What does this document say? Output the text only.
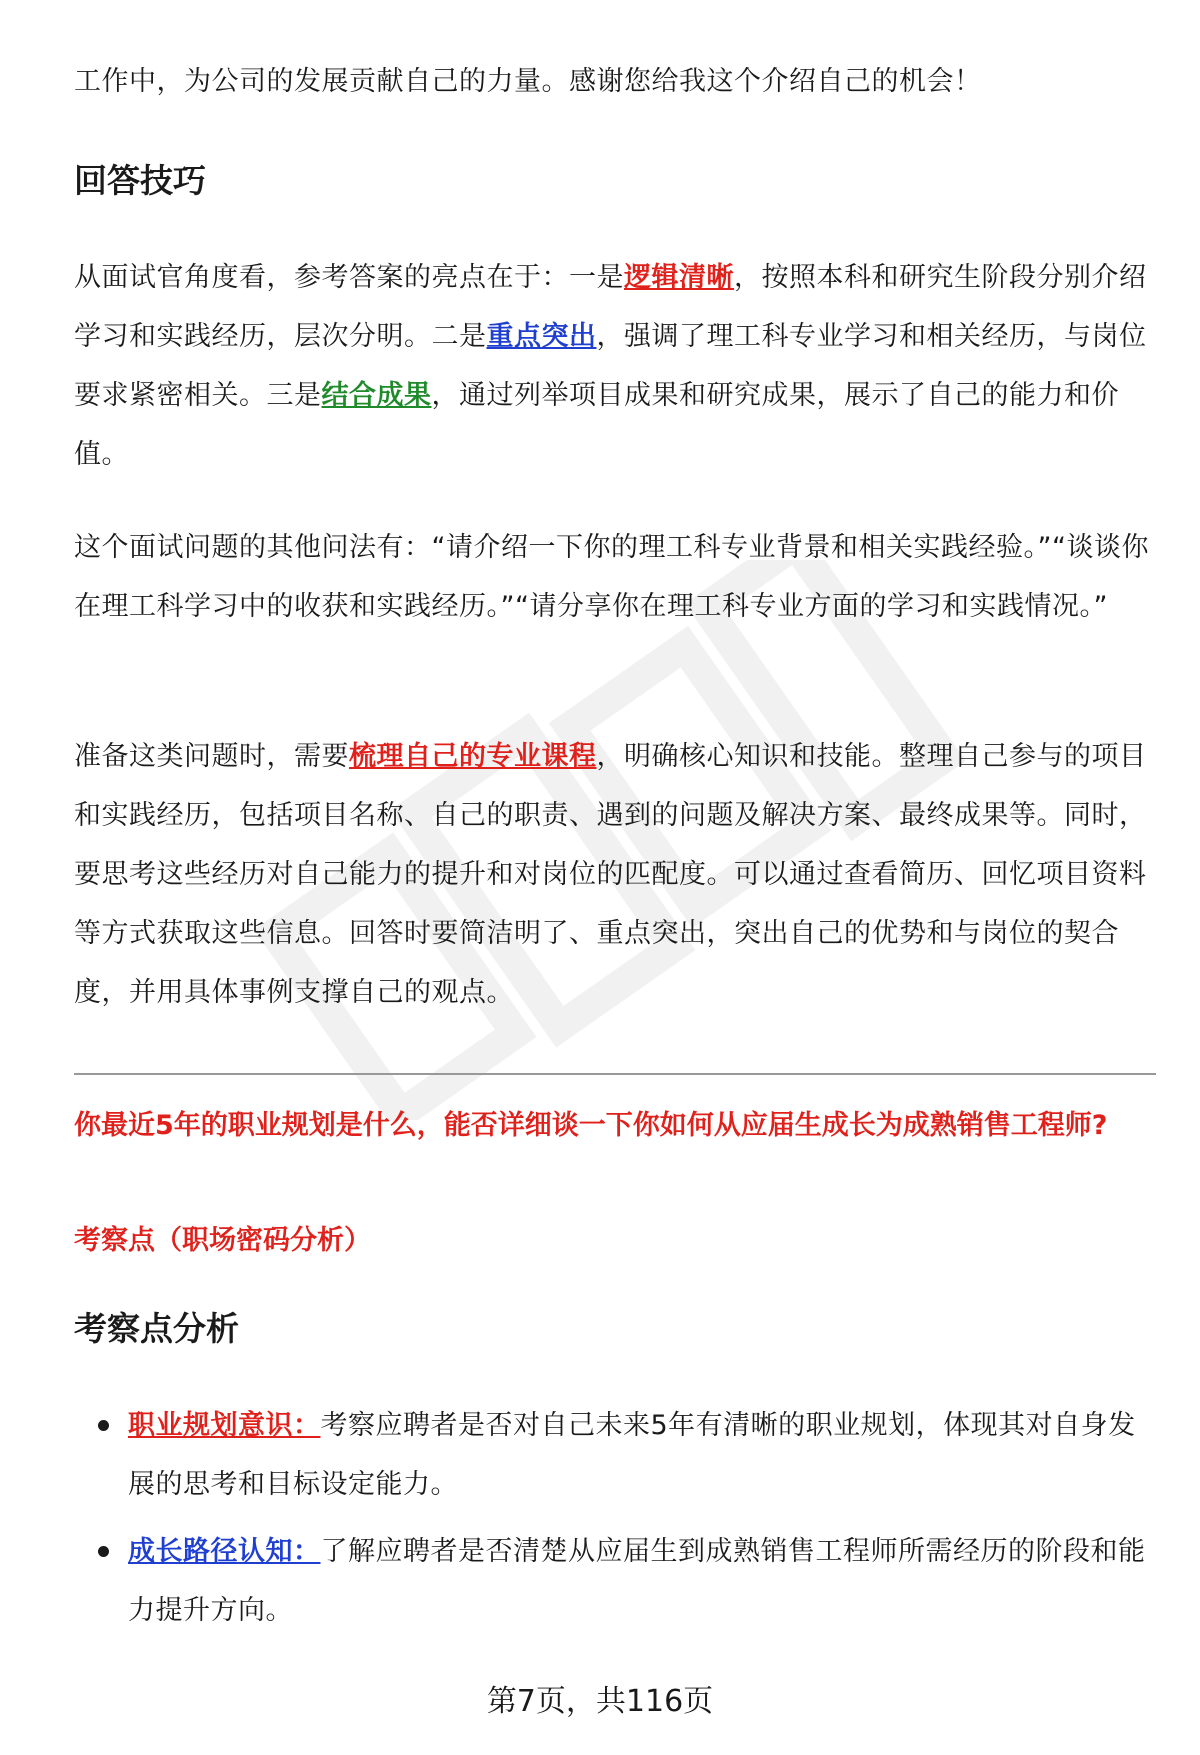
工作中，为公司的发展贡献自己的力量。感谢您给我这个介绍自己的机会！

回答技巧

从面试官角度看，参考答案的亮点在于：一是逻辑清晰，按照本科和研究生阶段分别介绍学习和实践经历，层次分明。二是重点突出，强调了理工科专业学习和相关经历，与岗位要求紧密相关。三是结合成果，通过列举项目成果和研究成果，展示了自己的能力和价值。

这个面试问题的其他问法有：“请介绍一下你的理工科专业背景和相关实践经验。”“谈谈你在理工科学习中的收获和实践经历。”“请分享你在理工科专业方面的学习和实践情况。”

准备这类问题时，需要梳理自己的专业课程，明确核心知识和技能。整理自己参与的项目和实践经历，包括项目名称、自己的职责、遇到的问题及解决方案、最终成果等。同时，要思考这些经历对自己能力的提升和对岗位的匹配度。可以通过查看简历、回忆项目资料等方式获取这些信息。回答时要简洁明了、重点突出，突出自己的优势和与岗位的契合度，并用具体事例支撑自己的观点。

你最近5年的职业规划是什么，能否详细谈一下你如何从应届生成长为成熟销售工程师?

考察点（职场密码分析）

考察点分析
职业规划意识：考察应聘者是否对自己未来5年有清晰的职业规划，体现其对自身发展的思考和目标设定能力。
成长路径认知：了解应聘者是否清楚从应届生到成熟销售工程师所需经历的阶段和能力提升方向。
第7页，共116页
